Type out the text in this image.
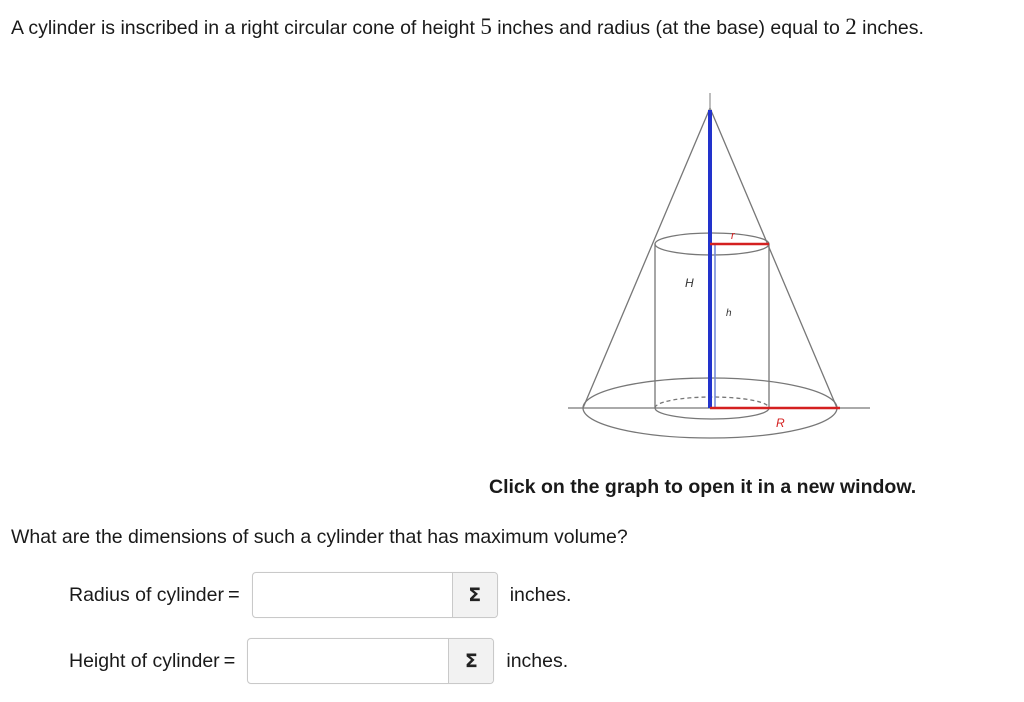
A cylinder is inscribed in a right circular cone of height 5 inches and radius (at the base) equal to 2 inches.
H
h
r
R
Click on the graph to open it in a new window.
What are the dimensions of such a cylinder that has maximum volume?
Radius of cylinder =	Σ inches.
Height of cylinder =	Σ inches.
